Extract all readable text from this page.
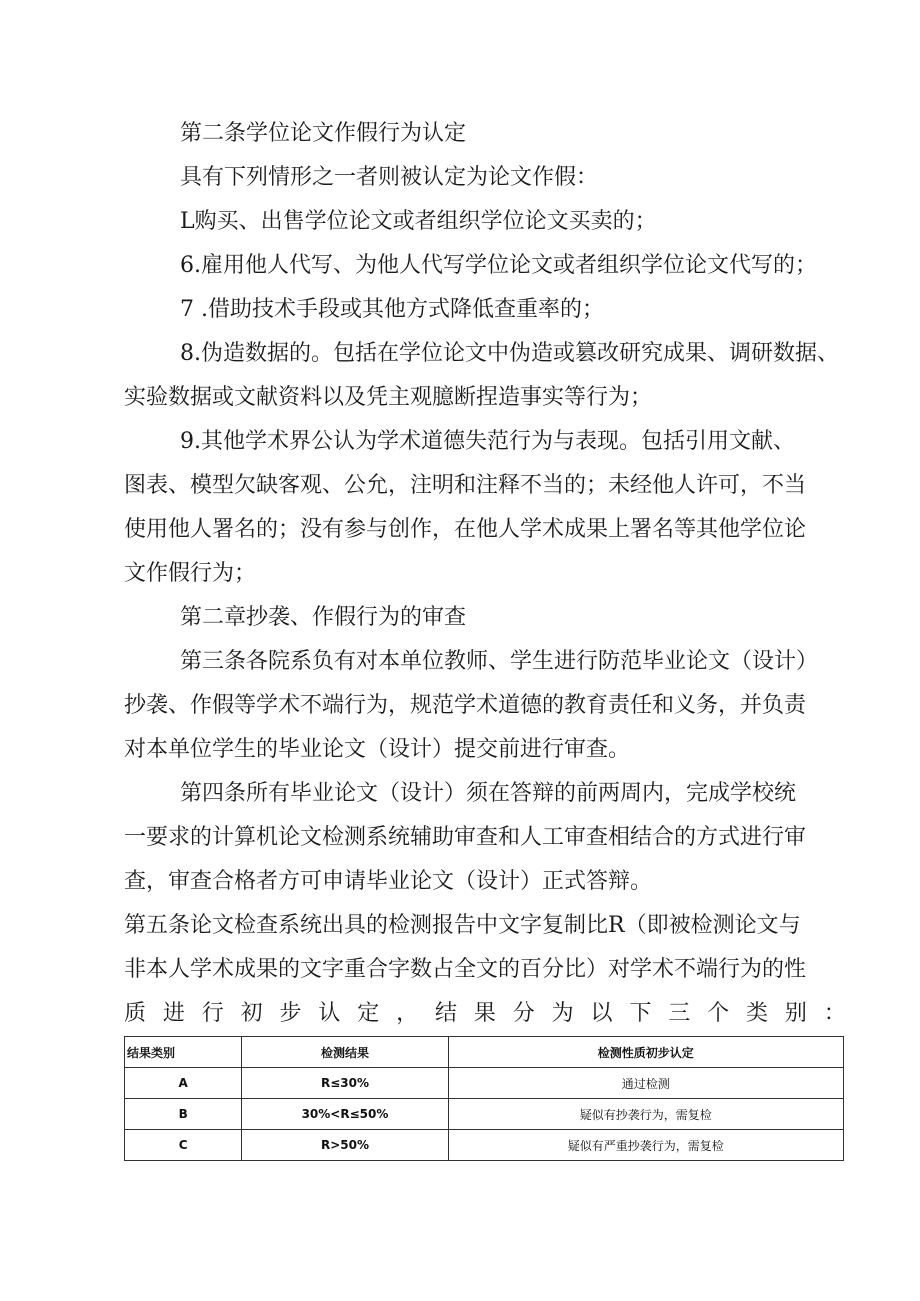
第二条学位论文作假行为认定
具有下列情形之一者则被认定为论文作假：
L购买、出售学位论文或者组织学位论文买卖的；
6.雇用他人代写、为他人代写学位论文或者组织学位论文代写的；
7 .借助技术手段或其他方式降低查重率的；
8.伪造数据的。包括在学位论文中伪造或篡改研究成果、调研数据、
实验数据或文献资料以及凭主观臆断捏造事实等行为；
9.其他学术界公认为学术道德失范行为与表现。包括引用文献、
图表、模型欠缺客观、公允，注明和注释不当的；未经他人许可，不当
使用他人署名的；没有参与创作，在他人学术成果上署名等其他学位论
文作假行为；
第二章抄袭、作假行为的审查
第三条各院系负有对本单位教师、学生进行防范毕业论文（设计）
抄袭、作假等学术不端行为，规范学术道德的教育责任和义务，并负责
对本单位学生的毕业论文（设计）提交前进行审查。
第四条所有毕业论文（设计）须在答辩的前两周内，完成学校统
一要求的计算机论文检测系统辅助审查和人工审查相结合的方式进行审
查，审查合格者方可申请毕业论文（设计）正式答辩。
第五条论文检查系统出具的检测报告中文字复制比R（即被检测论文与
非本人学术成果的文字重合字数占全文的百分比）对学术不端行为的性
质 进 行 初 步 认 定 ， 结 果 分 为 以 下 三 个 类 别 ：
结果类别	检测结果	检测性质初步认定
A	R≤30%	通过检测
B	30%<R≤50%	疑似有抄袭行为，需复检
C	R>50%	疑似有严重抄袭行为，需复检
